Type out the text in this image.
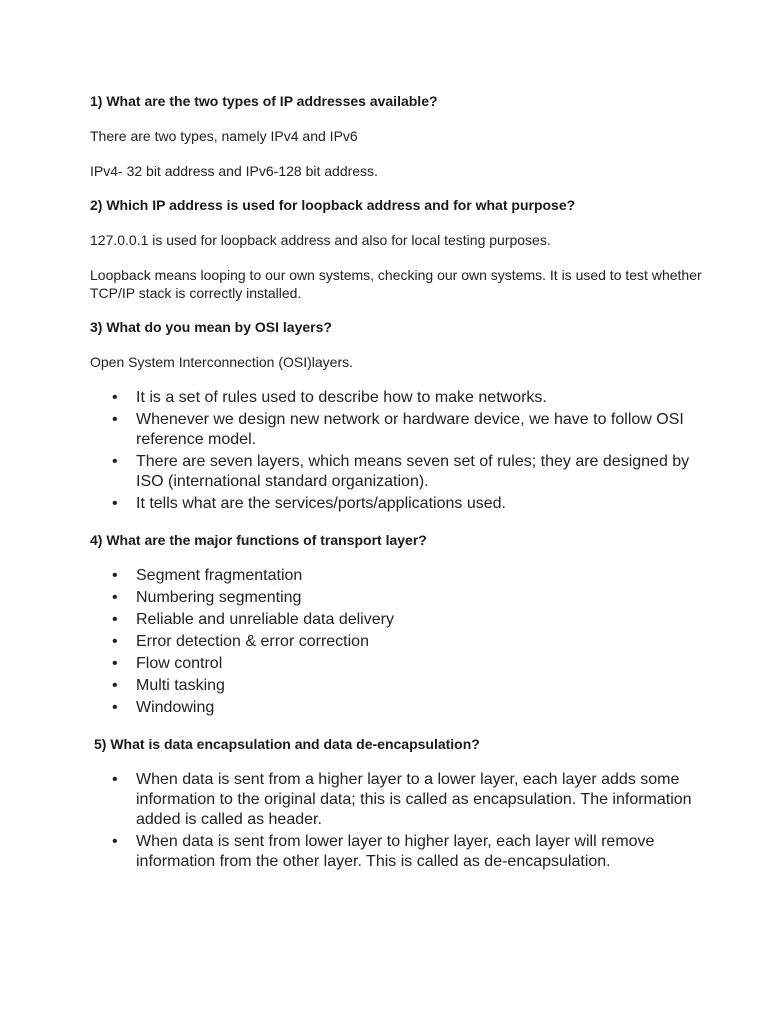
1) What are the two types of IP addresses available?
There are two types, namely IPv4 and IPv6
IPv4- 32 bit address and IPv6-128 bit address.
2) Which IP address is used for loopback address and for what purpose?
127.0.0.1 is used for loopback address and also for local testing purposes.
Loopback means looping to our own systems, checking our own systems. It is used to test whether TCP/IP stack is correctly installed.
3) What do you mean by OSI layers?
Open System Interconnection (OSI)layers.
• It is a set of rules used to describe how to make networks.
• Whenever we design new network or hardware device, we have to follow OSI reference model.
• There are seven layers, which means seven set of rules; they are designed by ISO (international standard organization).
• It tells what are the services/ports/applications used.
4) What are the major functions of transport layer?
• Segment fragmentation
• Numbering segmenting
• Reliable and unreliable data delivery
• Error detection & error correction
• Flow control
• Multi tasking
• Windowing
5) What is data encapsulation and data de-encapsulation?
• When data is sent from a higher layer to a lower layer, each layer adds some information to the original data; this is called as encapsulation. The information added is called as header.
• When data is sent from lower layer to higher layer, each layer will remove information from the other layer. This is called as de-encapsulation.
